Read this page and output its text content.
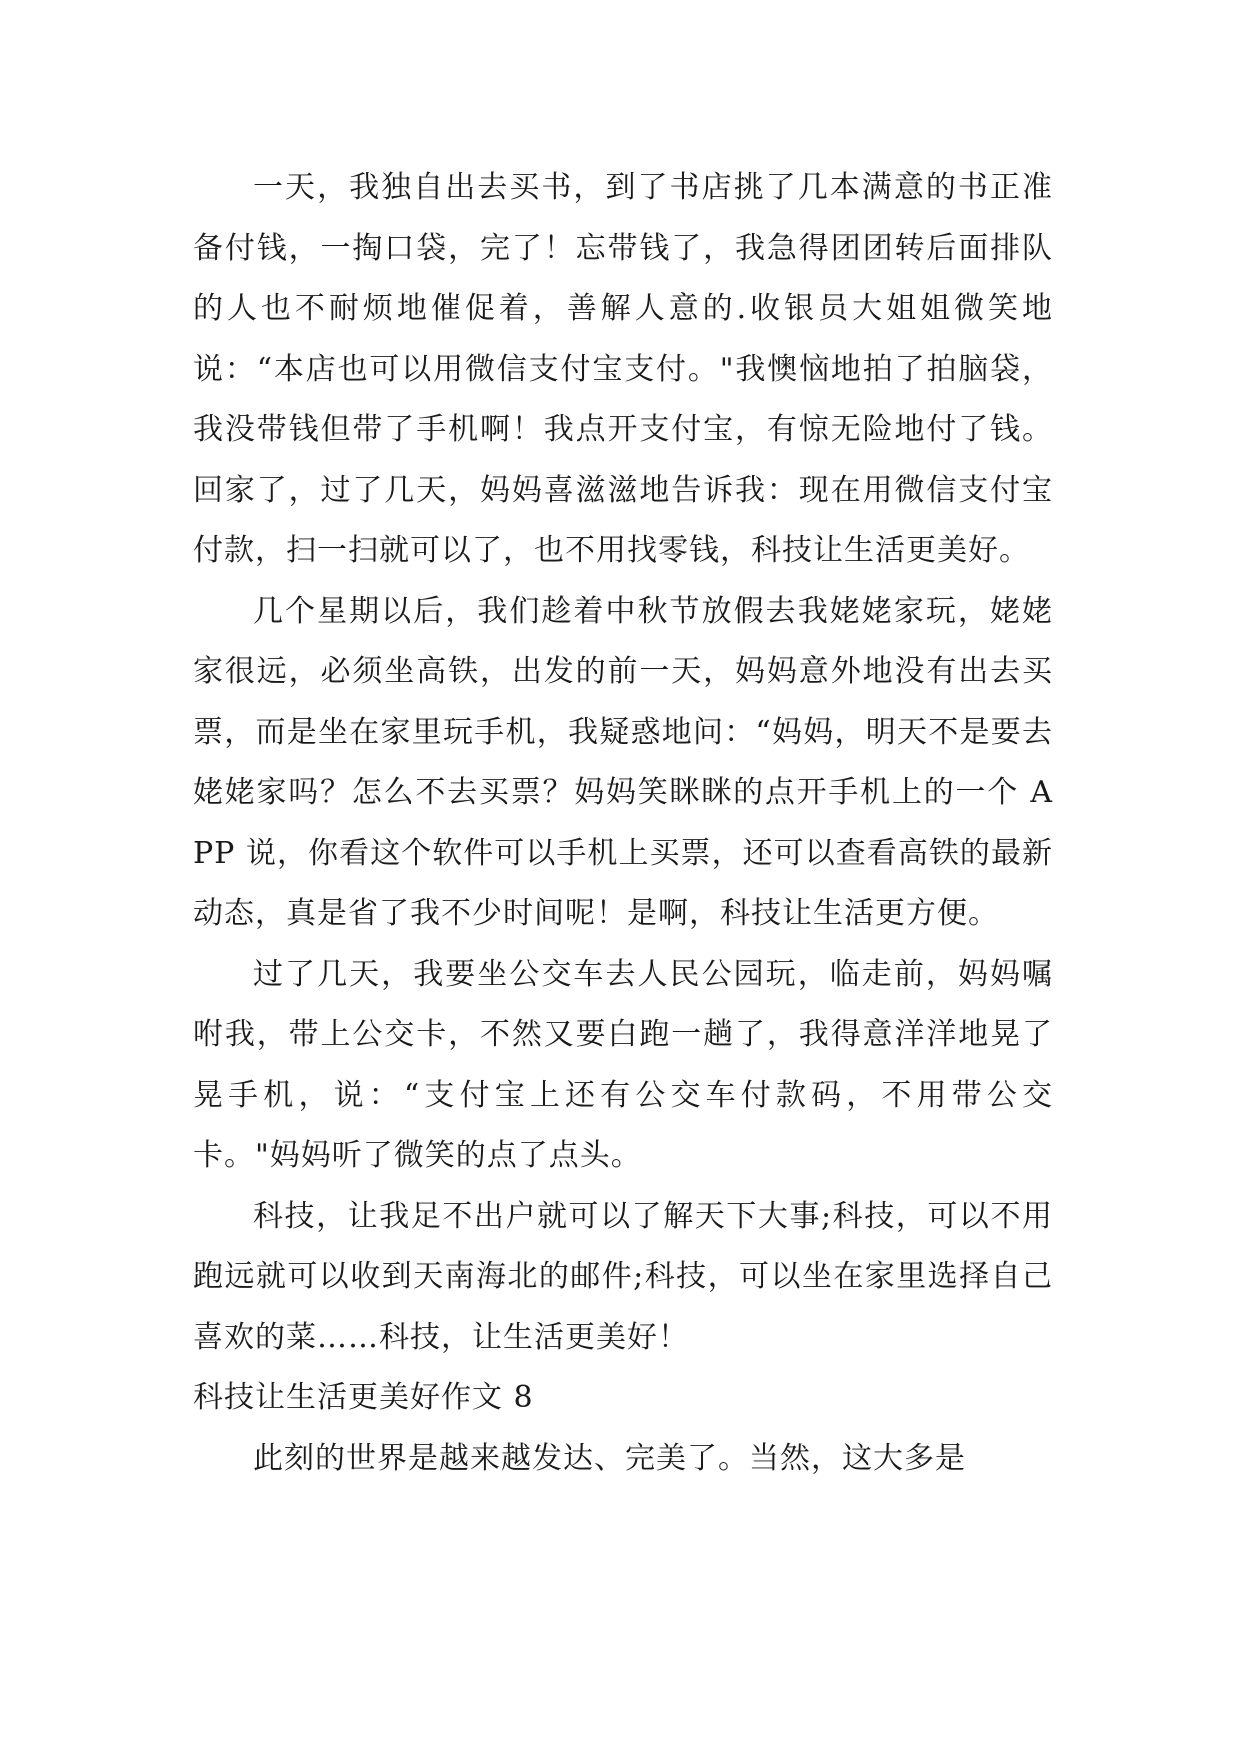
一天，我独自出去买书，到了书店挑了几本满意的书正准备付钱，一掏口袋，完了！忘带钱了，我急得团团转后面排队的人也不耐烦地催促着，善解人意的.收银员大姐姐微笑地说：“本店也可以用微信支付宝支付。"我懊恼地拍了拍脑袋，我没带钱但带了手机啊！我点开支付宝，有惊无险地付了钱。回家了，过了几天，妈妈喜滋滋地告诉我：现在用微信支付宝付款，扫一扫就可以了，也不用找零钱，科技让生活更美好。

几个星期以后，我们趁着中秋节放假去我姥姥家玩，姥姥家很远，必须坐高铁，出发的前一天，妈妈意外地没有出去买票，而是坐在家里玩手机，我疑惑地问：“妈妈，明天不是要去姥姥家吗？怎么不去买票？妈妈笑眯眯的点开手机上的一个 APP 说，你看这个软件可以手机上买票，还可以查看高铁的最新动态，真是省了我不少时间呢！是啊，科技让生活更方便。

过了几天，我要坐公交车去人民公园玩，临走前，妈妈嘱咐我，带上公交卡，不然又要白跑一趟了，我得意洋洋地晃了晃手机，说：“支付宝上还有公交车付款码，不用带公交卡。"妈妈听了微笑的点了点头。

科技，让我足不出户就可以了解天下大事;科技，可以不用跑远就可以收到天南海北的邮件;科技，可以坐在家里选择自己喜欢的菜……科技，让生活更美好！

科技让生活更美好作文 8

此刻的世界是越来越发达、完美了。当然，这大多是
